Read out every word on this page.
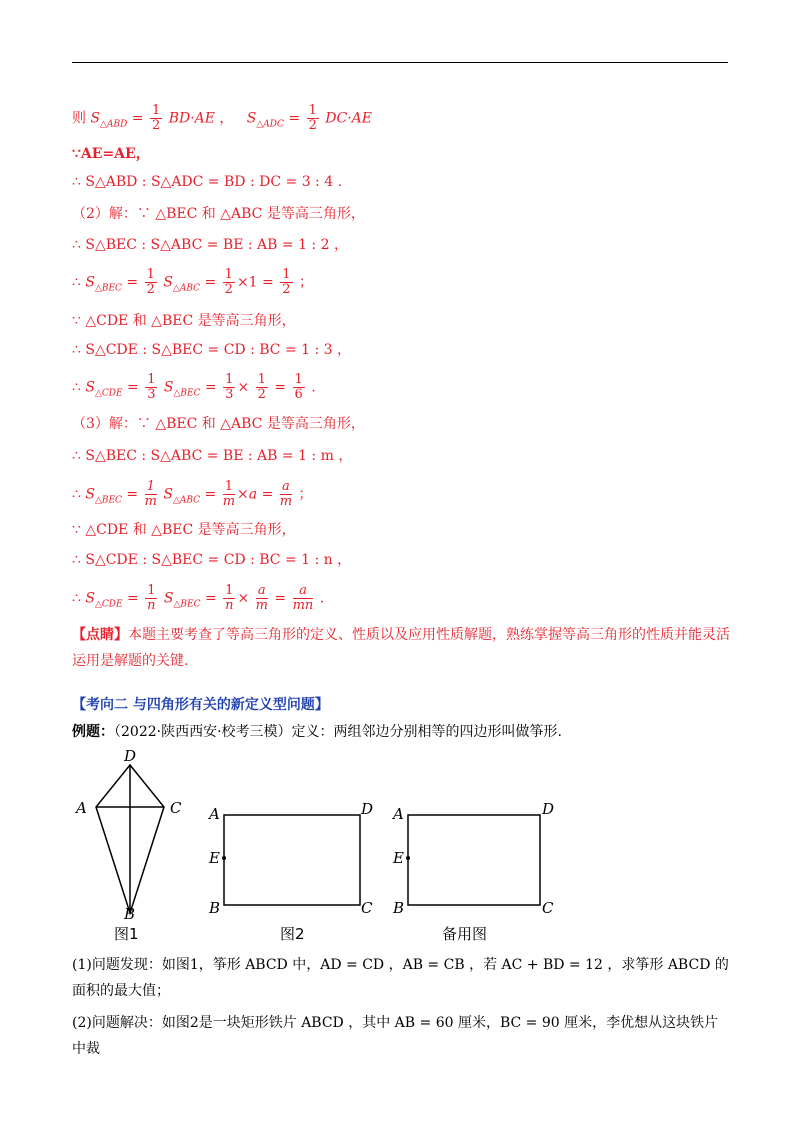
则 $S_{\triangle ABD} = \frac{1}{2} BD\cdot AE$ ，   $S_{\triangle ADC} = \frac{1}{2} DC\cdot AE$
∵AE=AE，
∴ S△ABD : S△ADC = BD : DC = 3 : 4 .
（2）解：∵ △BEC 和 △ABC 是等高三角形，
∴ S△BEC : S△ABC = BE : AB = 1 : 2 ，
∴ $S_{\triangle BEC} = \frac{1}{2} S_{\triangle ABC} = \frac{1}{2} \times 1 = \frac{1}{2}$ ；
∵ △CDE 和 △BEC 是等高三角形，
∴ S△CDE : S△BEC = CD : BC = 1 : 3 ，
∴ $S_{\triangle CDE} = \frac{1}{3} S_{\triangle BEC} = \frac{1}{3} \times \frac{1}{2} = \frac{1}{6}$ .
（3）解：∵ △BEC 和 △ABC 是等高三角形，
∴ S△BEC : S△ABC = BE : AB = 1 : m ，
∴ $S_{\triangle BEC} = \frac{1}{m} S_{\triangle ABC} = \frac{1}{m} \times a = \frac{a}{m}$ ；
∵ △CDE 和 △BEC 是等高三角形，
∴ S△CDE : S△BEC = CD : BC = 1 : n ，
∴ $S_{\triangle CDE} = \frac{1}{n} S_{\triangle BEC} = \frac{1}{n} \times \frac{a}{m} = \frac{a}{mn}$ .
【点睛】本题主要考查了等高三角形的定义、性质以及应用性质解题，熟练掌握等高三角形的性质并能灵活运用是解题的关键.
【考向二 与四角形有关的新定义型问题】
例题：（2022·陕西西安·校考三模）定义：两组邻边分别相等的四边形叫做筝形.
D
A	C
B
A	D
E
B	C
A	D
E
B	C
图1	图2	备用图
(1)问题发现：如图1，筝形 ABCD 中，AD = CD ，AB = CB ，若 AC + BD = 12 ，求筝形 ABCD 的面积的最大值；
(2)问题解决：如图2是一块矩形铁片 ABCD ，其中 AB = 60 厘米，BC = 90 厘米，李优想从这块铁片中裁
